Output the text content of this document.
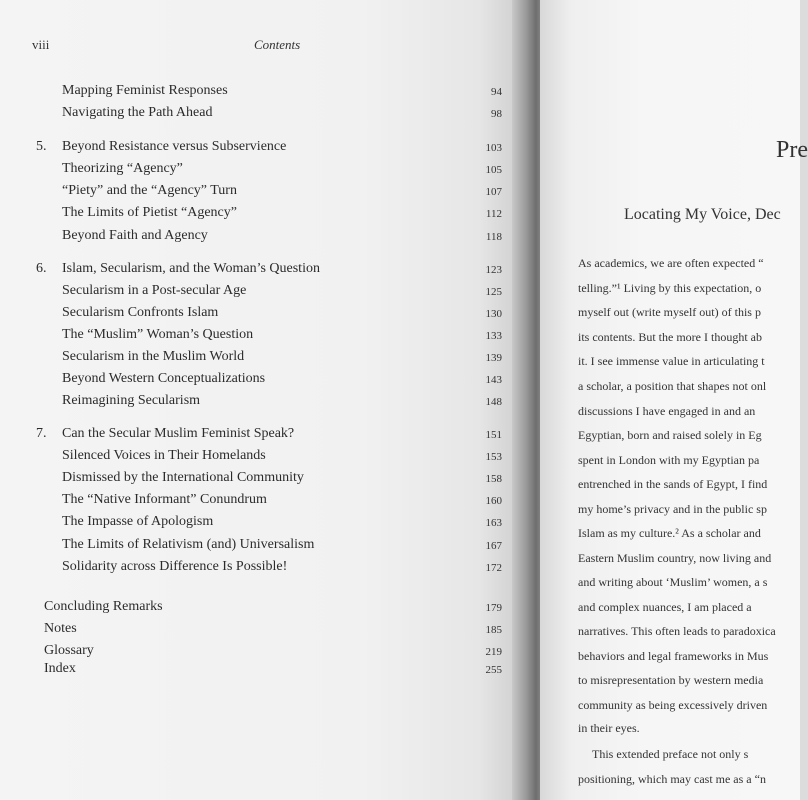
viii	Contents
Mapping Feminist Responses	94
Navigating the Path Ahead	98
5. Beyond Resistance versus Subservience	103
Theorizing “Agency”	105
“Piety” and the “Agency” Turn	107
The Limits of Pietist “Agency”	112
Beyond Faith and Agency	118
6. Islam, Secularism, and the Woman’s Question	123
Secularism in a Post-secular Age	125
Secularism Confronts Islam	130
The “Muslim” Woman’s Question	133
Secularism in the Muslim World	139
Beyond Western Conceptualizations	143
Reimagining Secularism	148
7. Can the Secular Muslim Feminist Speak?	151
Silenced Voices in Their Homelands	153
Dismissed by the International Community	158
The “Native Informant” Conundrum	160
The Impasse of Apologism	163
The Limits of Relativism (and) Universalism	167
Solidarity across Difference Is Possible!	172
Concluding Remarks	179
Notes	185
Glossary	219
Index	255
Pre
Locating My Voice, Dec
As academics, we are often expected “
telling.”¹ Living by this expectation, o
myself out (write myself out) of this p
its contents. But the more I thought ab
it. I see immense value in articulating t
a scholar, a position that shapes not onl
discussions I have engaged in and an
Egyptian, born and raised solely in Eg
spent in London with my Egyptian pa
entrenched in the sands of Egypt, I find
my home’s privacy and in the public sp
Islam as my culture.² As a scholar and
Eastern Muslim country, now living and
and writing about ‘Muslim’ women, a s
and complex nuances, I am placed a
narratives. This often leads to paradoxica
behaviors and legal frameworks in Mus
to misrepresentation by western media
community as being excessively driven
in their eyes.
This extended preface not only s
positioning, which may cast me as a “n
